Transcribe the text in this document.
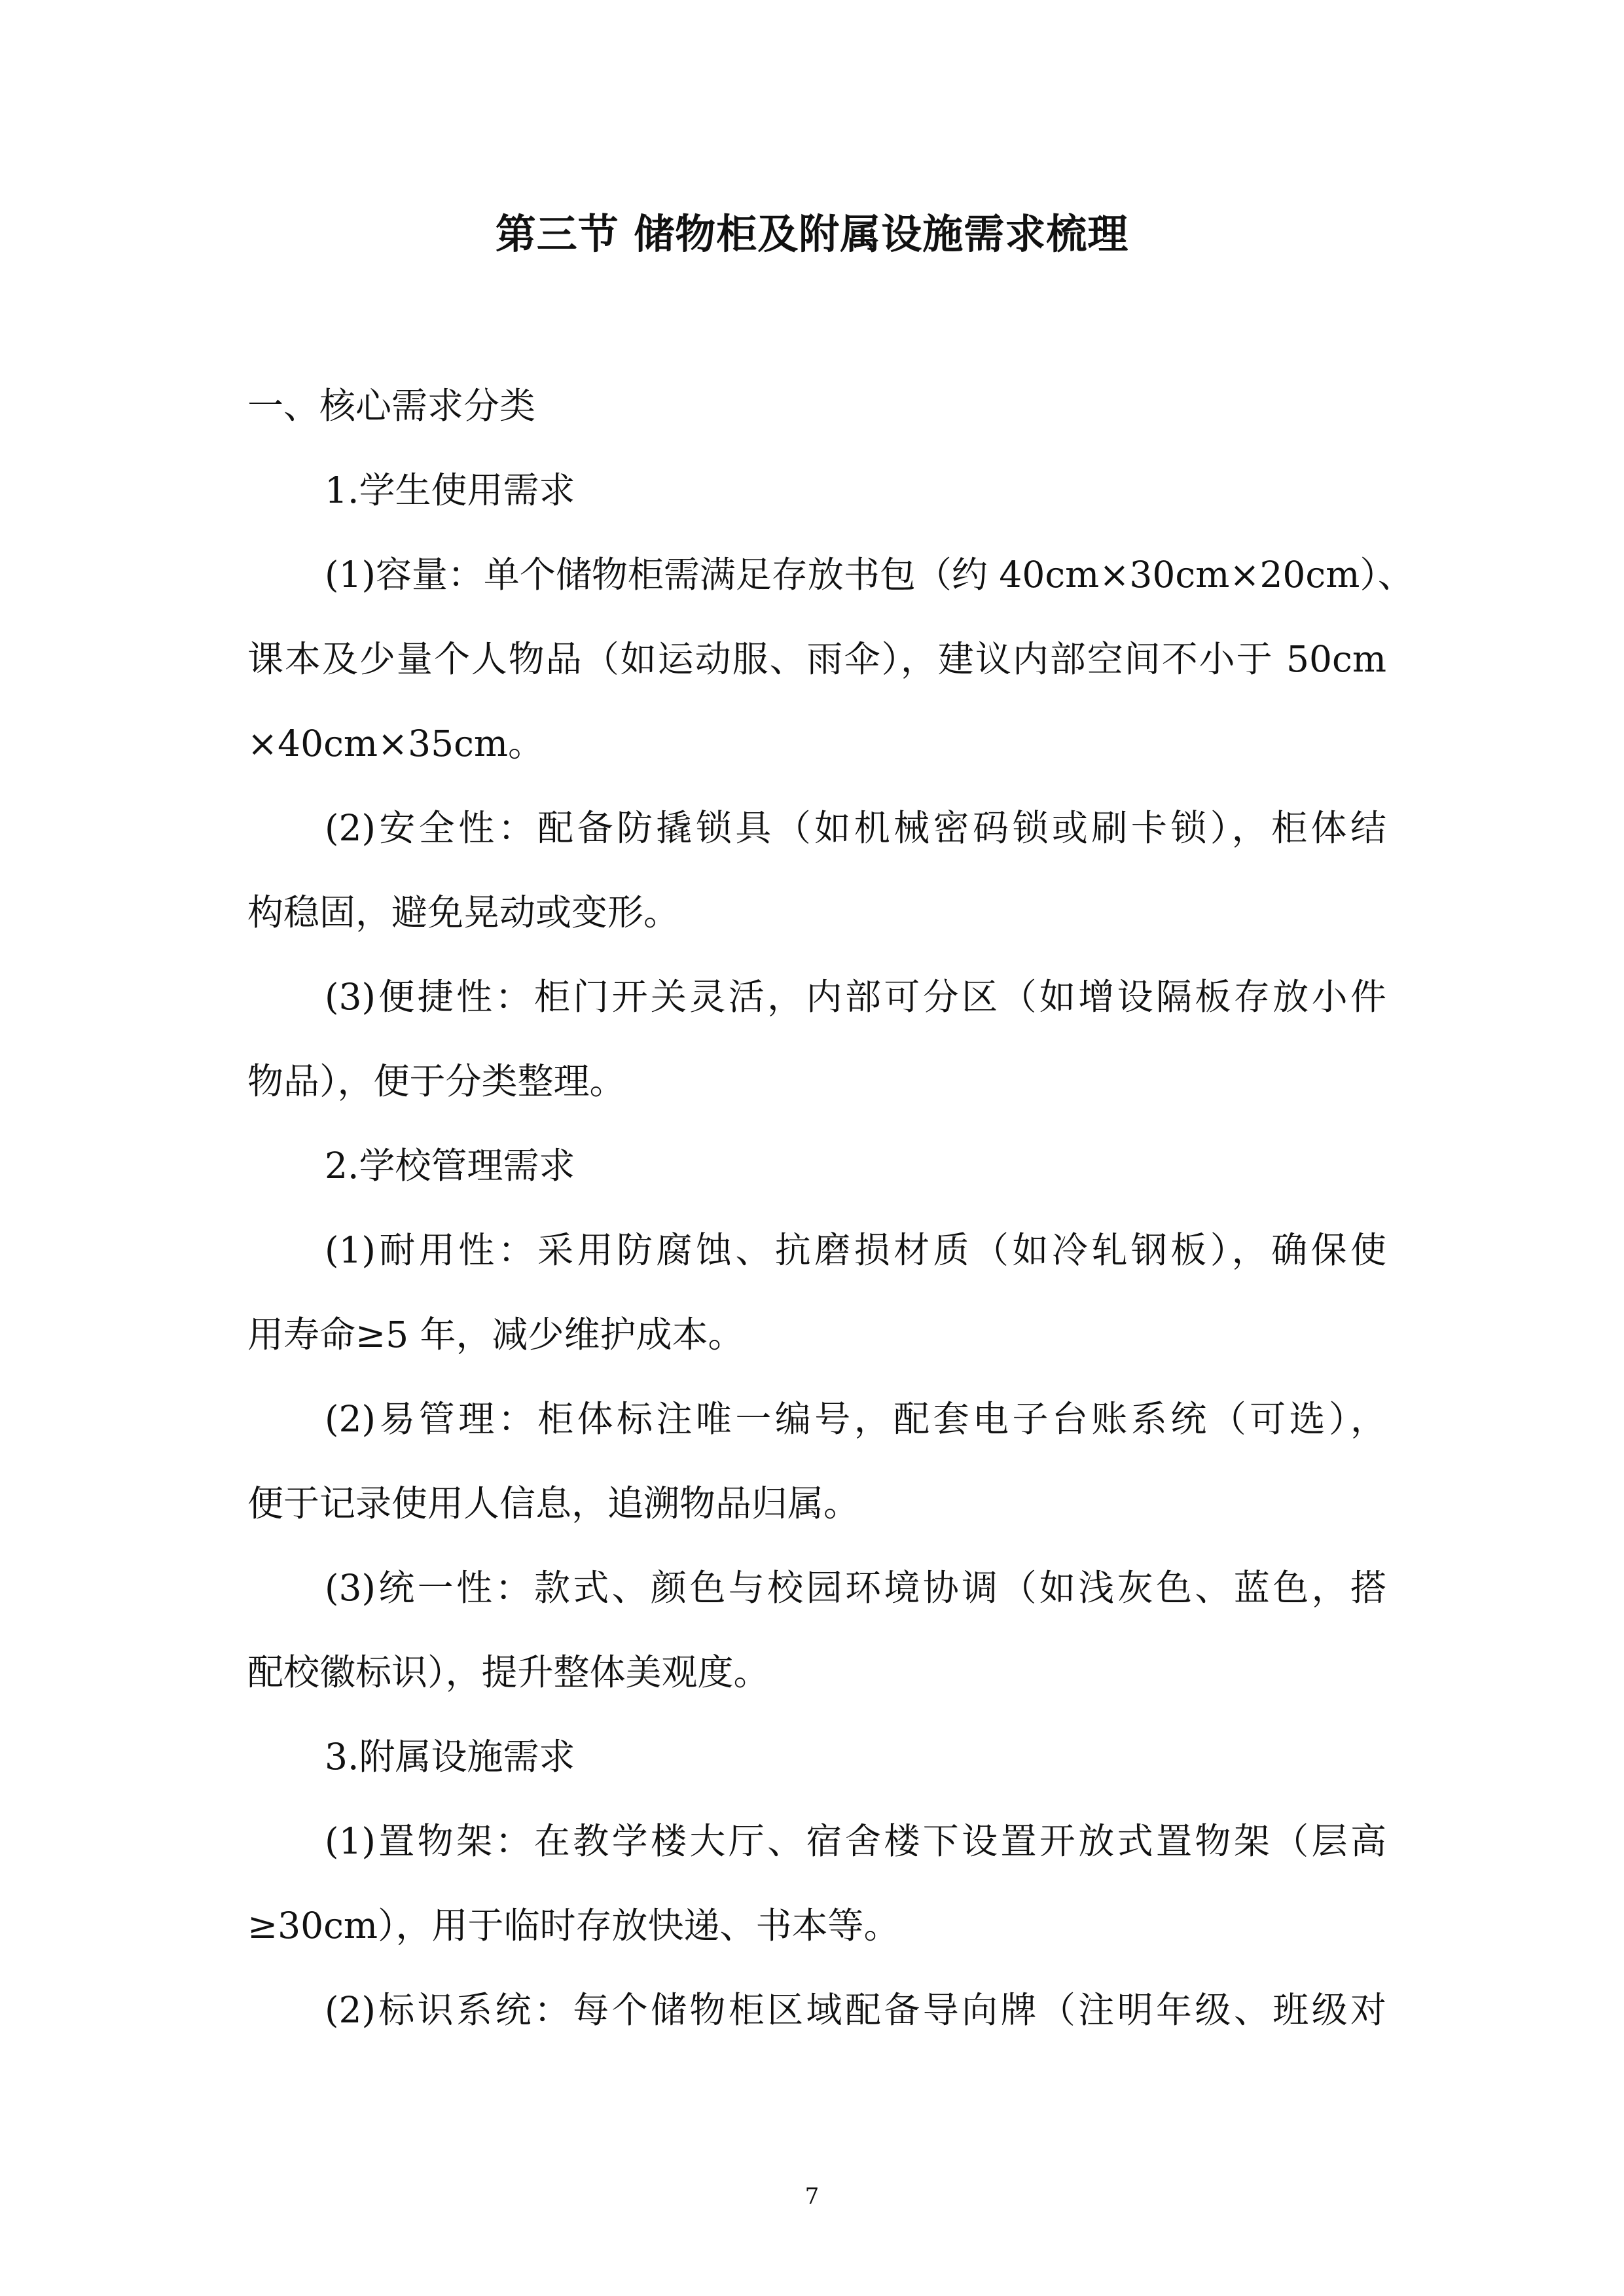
第三节 储物柜及附属设施需求梳理
一、核心需求分类
1.学生使用需求
(1)容量：单个储物柜需满足存放书包（约 40cm×30cm×20cm）、
课本及少量个人物品（如运动服、雨伞），建议内部空间不小于 50cm
×40cm×35cm。
(2)安全性：配备防撬锁具（如机械密码锁或刷卡锁），柜体结
构稳固，避免晃动或变形。
(3)便捷性：柜门开关灵活，内部可分区（如增设隔板存放小件
物品），便于分类整理。
2.学校管理需求
(1)耐用性：采用防腐蚀、抗磨损材质（如冷轧钢板），确保使
用寿命≥5 年，减少维护成本。
(2)易管理：柜体标注唯一编号，配套电子台账系统（可选），
便于记录使用人信息，追溯物品归属。
(3)统一性：款式、颜色与校园环境协调（如浅灰色、蓝色，搭
配校徽标识），提升整体美观度。
3.附属设施需求
(1)置物架：在教学楼大厅、宿舍楼下设置开放式置物架（层高
≥30cm），用于临时存放快递、书本等。
(2)标识系统：每个储物柜区域配备导向牌（注明年级、班级对
7
